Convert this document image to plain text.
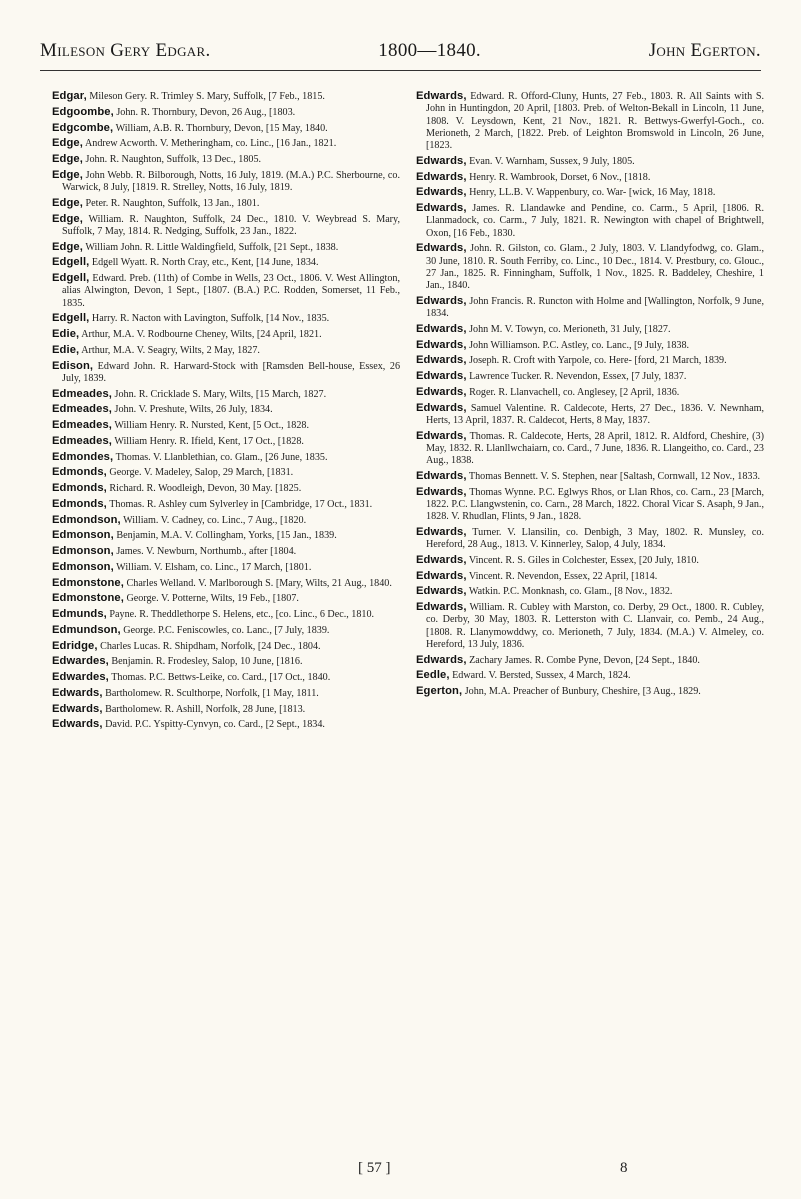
Mileson Gery Edgar.	1800—1840.	John Egerton.

Edgar, Mileson Gery. R. Trimley S. Mary, Suffolk, [7 Feb., 1815.

Edgoombe, John. R. Thornbury, Devon, 26 Aug., [1803.

Edgcombe, William, A.B. R. Thornbury, Devon, [15 May, 1840.

Edge, Andrew Acworth. V. Metheringham, co. Linc., [16 Jan., 1821.

Edge, John. R. Naughton, Suffolk, 13 Dec., 1805.

Edge, John Webb. R. Bilborough, Notts, 16 July, 1819. (M.A.) P.C. Sherbourne, co. Warwick, 8 July, [1819. R. Strelley, Notts, 16 July, 1819.

Edge, Peter. R. Naughton, Suffolk, 13 Jan., 1801.

Edge, William. R. Naughton, Suffolk, 24 Dec., 1810. V. Weybread S. Mary, Suffolk, 7 May, 1814. R. Nedging, Suffolk, 23 Jan., 1822.

Edge, William John. R. Little Waldingfield, Suffolk, [21 Sept., 1838.

Edgell, Edgell Wyatt. R. North Cray, etc., Kent, [14 June, 1834.

Edgell, Edward. Preb. (11th) of Combe in Wells, 23 Oct., 1806. V. West Allington, alias Alwington, Devon, 1 Sept., [1807. (B.A.) P.C. Rodden, Somerset, 11 Feb., 1835.

Edgell, Harry. R. Nacton with Lavington, Suffolk, [14 Nov., 1835.

Edie, Arthur, M.A. V. Rodbourne Cheney, Wilts, [24 April, 1821.

Edie, Arthur, M.A. V. Seagry, Wilts, 2 May, 1827.

Edison, Edward John. R. Harward-Stock with [Ramsden Bell-house, Essex, 26 July, 1839.

Edmeades, John. R. Cricklade S. Mary, Wilts, [15 March, 1827.

Edmeades, John. V. Preshute, Wilts, 26 July, 1834.

Edmeades, William Henry. R. Nursted, Kent, [5 Oct., 1828.

Edmeades, William Henry. R. Ifield, Kent, 17 Oct., [1828.

Edmondes, Thomas. V. Llanblethian, co. Glam., [26 June, 1835.

Edmonds, George. V. Madeley, Salop, 29 March, [1831.

Edmonds, Richard. R. Woodleigh, Devon, 30 May. [1825.

Edmonds, Thomas. R. Ashley cum Sylverley in [Cambridge, 17 Oct., 1831.

Edmondson, William. V. Cadney, co. Linc., 7 Aug., [1820.

Edmonson, Benjamin, M.A. V. Collingham, Yorks, [15 Jan., 1839.

Edmonson, James. V. Newburn, Northumb., after [1804.

Edmonson, William. V. Elsham, co. Linc., 17 March, [1801.

Edmonstone, Charles Welland. V. Marlborough S. [Mary, Wilts, 21 Aug., 1840.

Edmonstone, George. V. Potterne, Wilts, 19 Feb., [1807.

Edmunds, Payne. R. Theddlethorpe S. Helens, etc., [co. Linc., 6 Dec., 1810.

Edmundson, George. P.C. Feniscowles, co. Lanc., [7 July, 1839.

Edridge, Charles Lucas. R. Shipdham, Norfolk, [24 Dec., 1804.

Edwardes, Benjamin. R. Frodesley, Salop, 10 June, [1816.

Edwardes, Thomas. P.C. Bettws-Leike, co. Card., [17 Oct., 1840.

Edwards, Bartholomew. R. Sculthorpe, Norfolk, [1 May, 1811.

Edwards, Bartholomew. R. Ashill, Norfolk, 28 June, [1813.

Edwards, David. P.C. Yspitty-Cynvyn, co. Card., [2 Sept., 1834.

Edwards, Edward. R. Offord-Cluny, Hunts, 27 Feb., 1803. R. All Saints with S. John in Huntingdon, 20 April, [1803. Preb. of Welton-Bekall in Lincoln, 11 June, 1808. V. Leysdown, Kent, 21 Nov., 1821. R. Bettwys-Gwerfyl-Goch., co. Merioneth, 2 March, [1822. Preb. of Leighton Bromswold in Lincoln, 26 June, [1823.

Edwards, Evan. V. Warnham, Sussex, 9 July, 1805.

Edwards, Henry. R. Wambrook, Dorset, 6 Nov., [1818.

Edwards, Henry, LL.B. V. Wappenbury, co. War- [wick, 16 May, 1818.

Edwards, James. R. Llandawke and Pendine, co. Carm., 5 April, [1806. R. Llanmadock, co. Carm., 7 July, 1821. R. Newington with chapel of Brightwell, Oxon, [16 Feb., 1830.

Edwards, John. R. Gilston, co. Glam., 2 July, 1803. V. Llandyfodwg, co. Glam., 30 June, 1810. R. South Ferriby, co. Linc., 10 Dec., 1814. V. Prestbury, co. Glouc., 27 Jan., 1825. R. Finningham, Suffolk, 1 Nov., 1825. R. Baddeley, Cheshire, 1 Jan., 1840.

Edwards, John Francis. R. Runcton with Holme and [Wallington, Norfolk, 9 June, 1834.

Edwards, John M. V. Towyn, co. Merioneth, 31 July, [1827.

Edwards, John Williamson. P.C. Astley, co. Lanc., [9 July, 1838.

Edwards, Joseph. R. Croft with Yarpole, co. Here- [ford, 21 March, 1839.

Edwards, Lawrence Tucker. R. Nevendon, Essex, [7 July, 1837.

Edwards, Roger. R. Llanvachell, co. Anglesey, [2 April, 1836.

Edwards, Samuel Valentine. R. Caldecote, Herts, 27 Dec., 1836. V. Newnham, Herts, 13 April, 1837. R. Caldecot, Herts, 8 May, 1837.

Edwards, Thomas. R. Caldecote, Herts, 28 April, 1812. R. Aldford, Cheshire, (3) May, 1832. R. Llanllwchaiarn, co. Card., 7 June, 1836. R. Llangeitho, co. Card., 23 Aug., 1838.

Edwards, Thomas Bennett. V. S. Stephen, near [Saltash, Cornwall, 12 Nov., 1833.

Edwards, Thomas Wynne. P.C. Eglwys Rhos, or Llan Rhos, co. Carn., 23 [March, 1822. P.C. Llangwstenin, co. Carn., 28 March, 1822. Choral Vicar S. Asaph, 9 Jan., 1828. V. Rhudlan, Flints, 9 Jan., 1828.

Edwards, Turner. V. Llansilin, co. Denbigh, 3 May, 1802. R. Munsley, co. Hereford, 28 Aug., 1813. V. Kinnerley, Salop, 4 July, 1834.

Edwards, Vincent. R. S. Giles in Colchester, Essex, [20 July, 1810.

Edwards, Vincent. R. Nevendon, Essex, 22 April, [1814.

Edwards, Watkin. P.C. Monknash, co. Glam., [8 Nov., 1832.

Edwards, William. R. Cubley with Marston, co. Derby, 29 Oct., 1800. R. Cubley, co. Derby, 30 May, 1803. R. Letterston with C. Llanvair, co. Pemb., 24 Aug., [1808. R. Llanymowddwy, co. Merioneth, 7 July, 1834. (M.A.) V. Almeley, co. Hereford, 13 July, 1836.

Edwards, Zachary James. R. Combe Pyne, Devon, [24 Sept., 1840.

Eedle, Edward. V. Bersted, Sussex, 4 March, 1824.

Egerton, John, M.A. Preacher of Bunbury, Cheshire, [3 Aug., 1829.

[ 57 ]	8
